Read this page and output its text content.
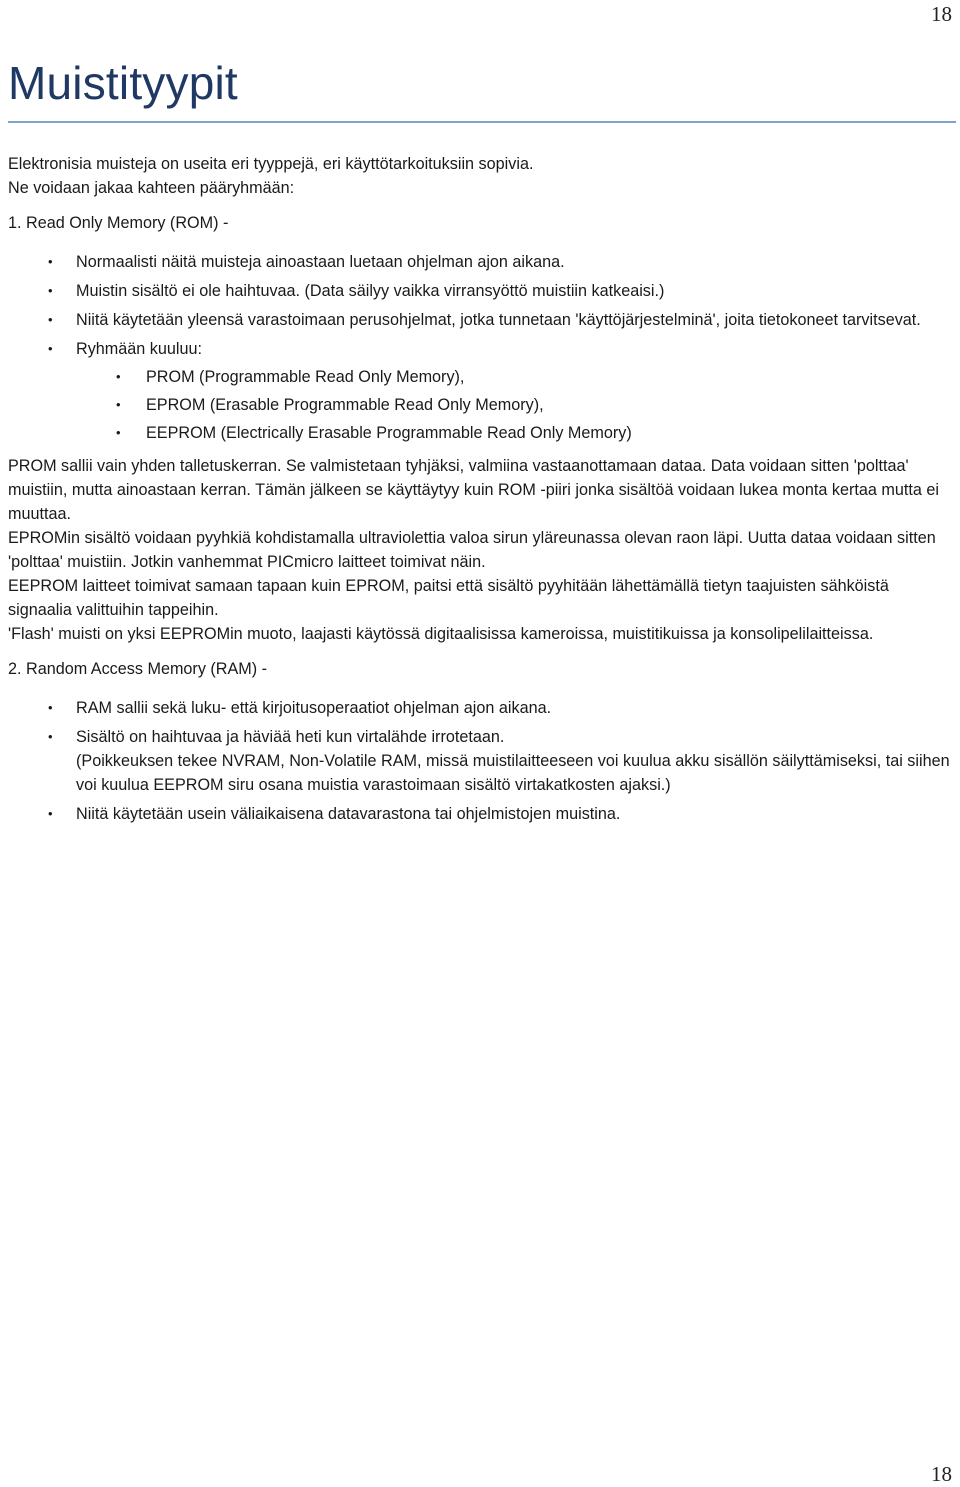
18
Muistityypit

Elektronisia muisteja on useita eri tyyppejä, eri käyttötarkoituksiin sopivia.

Ne voidaan jakaa kahteen pääryhmään:

1. Read Only Memory (ROM) -

• Normaalisti näitä muisteja ainoastaan luetaan ohjelman ajon aikana.
• Muistin sisältö ei ole haihtuvaa. (Data säilyy vaikka virransyöttö muistiin katkeaisi.)
• Niitä käytetään yleensä varastoimaan perusohjelmat, jotka tunnetaan 'käyttöjärjestelminä', joita tietokoneet tarvitsevat.
• Ryhmään kuuluu:
• PROM (Programmable Read Only Memory),
• EPROM (Erasable Programmable Read Only Memory),
• EEPROM (Electrically Erasable Programmable Read Only Memory)

PROM sallii vain yhden talletuskerran. Se valmistetaan tyhjäksi, valmiina vastaanottamaan dataa. Data voidaan sitten 'polttaa' muistiin, mutta ainoastaan kerran. Tämän jälkeen se käyttäytyy kuin ROM -piiri jonka sisältöä voidaan lukea monta kertaa mutta ei muuttaa.

EPROMin sisältö voidaan pyyhkiä kohdistamalla ultraviolettia valoa sirun yläreunassa olevan raon läpi. Uutta dataa voidaan sitten 'polttaa' muistiin. Jotkin vanhemmat PICmicro laitteet toimivat näin.

EEPROM laitteet toimivat samaan tapaan kuin EPROM, paitsi että sisältö pyyhitään lähettämällä tietyn taajuisten sähköistä signaalia valittuihin tappeihin.

'Flash' muisti on yksi EEPROMin muoto, laajasti käytössä digitaalisissa kameroissa, muistitikuissa ja konsolipelilaitteissa.

2. Random Access Memory (RAM) -

• RAM sallii sekä luku- että kirjoitusoperaatiot ohjelman ajon aikana.
• Sisältö on haihtuvaa ja häviää heti kun virtalähde irrotetaan.
(Poikkeuksen tekee NVRAM, Non-Volatile RAM, missä muistilaitteeseen voi kuulua akku sisällön säilyttämiseksi, tai siihen voi kuulua EEPROM siru osana muistia varastoimaan sisältö virtakatkosten ajaksi.)
• Niitä käytetään usein väliaikaisena datavarastona tai ohjelmistojen muistina.
18
